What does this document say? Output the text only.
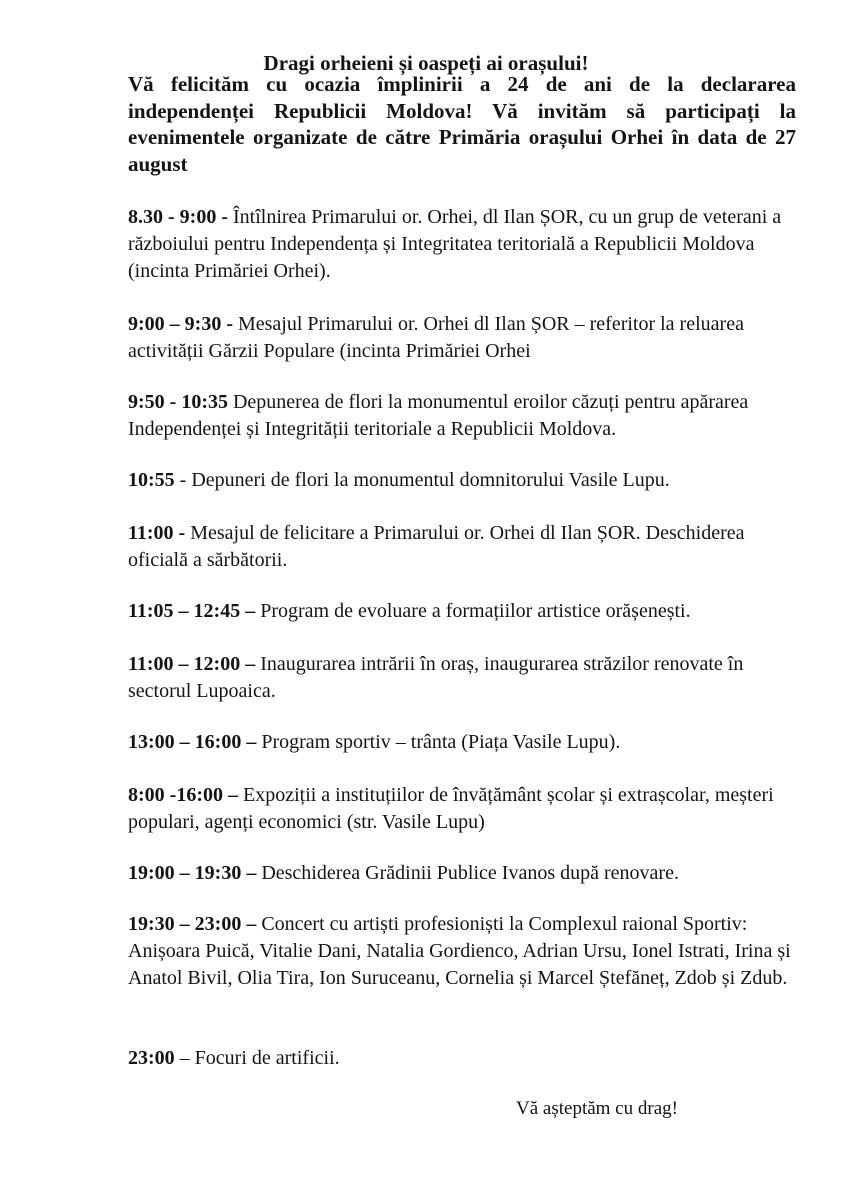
Dragi orheieni și oaspeți ai orașului!

Vă felicităm cu ocazia împlinirii a 24 de ani de la declararea independenței Republicii Moldova! Vă invităm să participați la evenimentele organizate de către Primăria orașului Orhei în data de 27 august

8.30 - 9:00 - Întîlnirea Primarului or. Orhei, dl Ilan ȘOR, cu un grup de veterani a războiului pentru Independența și Integritatea teritorială a Republicii Moldova (incinta Primăriei Orhei).

9:00 – 9:30 - Mesajul Primarului or. Orhei dl Ilan ȘOR – referitor la reluarea activității Gărzii Populare (incinta Primăriei Orhei

9:50 - 10:35 Depunerea de flori la monumentul eroilor căzuți pentru apărarea Independenței și Integrității teritoriale a Republicii Moldova.

10:55 - Depuneri de flori la monumentul domnitorului Vasile Lupu.

11:00 - Mesajul de felicitare a Primarului or. Orhei dl Ilan ȘOR. Deschiderea oficială a sărbătorii.

11:05 – 12:45 – Program de evoluare a formațiilor artistice orășenești.

11:00 – 12:00 – Inaugurarea intrării în oraș, inaugurarea străzilor renovate în sectorul Lupoaica.

13:00 – 16:00 – Program sportiv – trânta (Piața Vasile Lupu).

8:00 -16:00 – Expoziții a instituțiilor de învățământ școlar și extrașcolar, meșteri populari, agenți economici (str. Vasile Lupu)

19:00 – 19:30 – Deschiderea Grădinii Publice Ivanos după renovare.

19:30 – 23:00 – Concert cu artiști profesioniști la Complexul raional Sportiv: Anișoara Puică, Vitalie Dani, Natalia Gordienco, Adrian Ursu, Ionel Istrati, Irina și Anatol Bivil, Olia Tira, Ion Suruceanu, Cornelia și Marcel Ștefăneț, Zdob și Zdub.

23:00 – Focuri de artificii.

Vă așteptăm cu drag!
